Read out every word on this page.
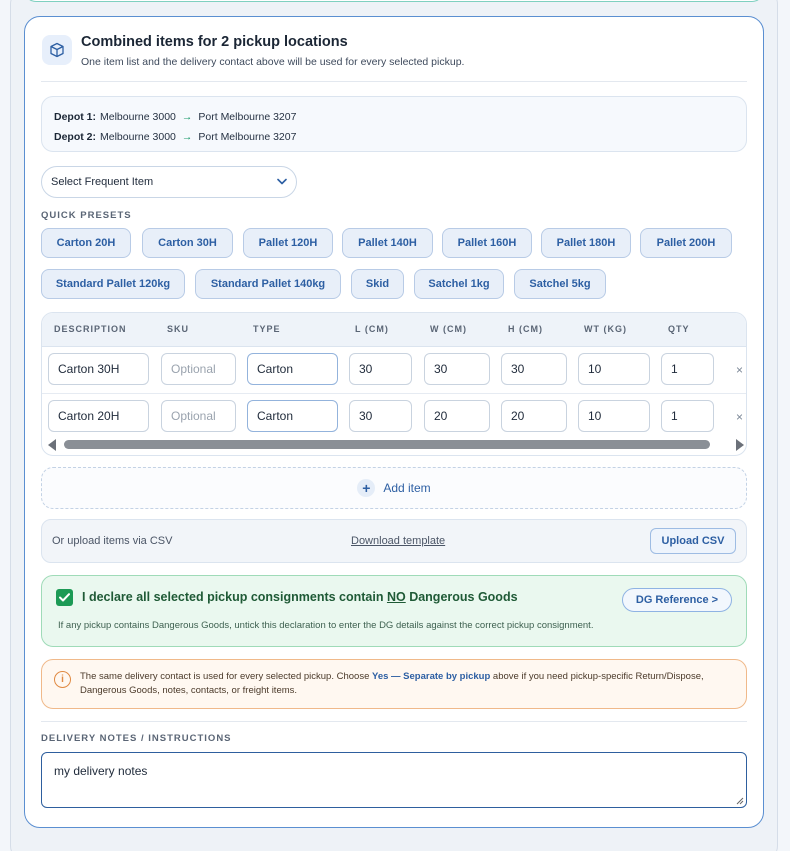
Combined items for 2 pickup locations
One item list and the delivery contact above will be used for every selected pickup.
Depot 1: Melbourne 3000 → Port Melbourne 3207
Depot 2: Melbourne 3000 → Port Melbourne 3207
Select Frequent Item
QUICK PRESETS
Carton 20H	Carton 30H	Pallet 120H	Pallet 140H	Pallet 160H	Pallet 180H	Pallet 200H
Standard Pallet 120kg	Standard Pallet 140kg	Skid	Satchel 1kg	Satchel 5kg
DESCRIPTION	SKU	TYPE	L (CM)	W (CM)	H (CM)	WT (KG)	QTY
Carton 30H	Optional	Carton	30	30	30	10	1	×
Carton 20H	Optional	Carton	30	20	20	10	1	×
+	Add item
Or upload items via CSV	Download template	Upload CSV
I declare all selected pickup consignments contain NO Dangerous Goods	DG Reference >
If any pickup contains Dangerous Goods, untick this declaration to enter the DG details against the correct pickup consignment.
i	The same delivery contact is used for every selected pickup. Choose Yes — Separate by pickup above if you need pickup-specific Return/Dispose, Dangerous Goods, notes, contacts, or freight items.
DELIVERY NOTES / INSTRUCTIONS
my delivery notes
